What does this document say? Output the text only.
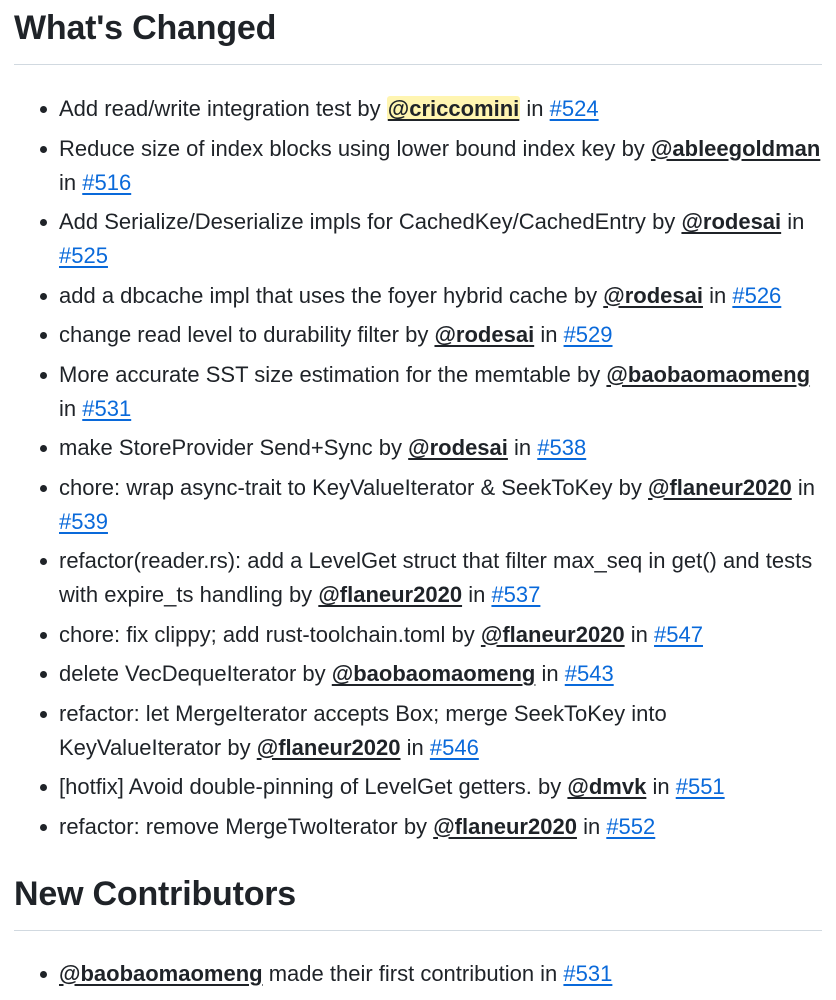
What's Changed
Add read/write integration test by @criccomini in #524
Reduce size of index blocks using lower bound index key by @ableegoldman in #516
Add Serialize/Deserialize impls for CachedKey/CachedEntry by @rodesai in #525
add a dbcache impl that uses the foyer hybrid cache by @rodesai in #526
change read level to durability filter by @rodesai in #529
More accurate SST size estimation for the memtable by @baobaomaomeng in #531
make StoreProvider Send+Sync by @rodesai in #538
chore: wrap async-trait to KeyValueIterator & SeekToKey by @flaneur2020 in #539
refactor(reader.rs): add a LevelGet struct that filter max_seq in get() and tests with expire_ts handling by @flaneur2020 in #537
chore: fix clippy; add rust-toolchain.toml by @flaneur2020 in #547
delete VecDequeIterator by @baobaomaomeng in #543
refactor: let MergeIterator accepts Box; merge SeekToKey into KeyValueIterator by @flaneur2020 in #546
[hotfix] Avoid double-pinning of LevelGet getters. by @dmvk in #551
refactor: remove MergeTwoIterator by @flaneur2020 in #552
New Contributors
@baobaomaomeng made their first contribution in #531
